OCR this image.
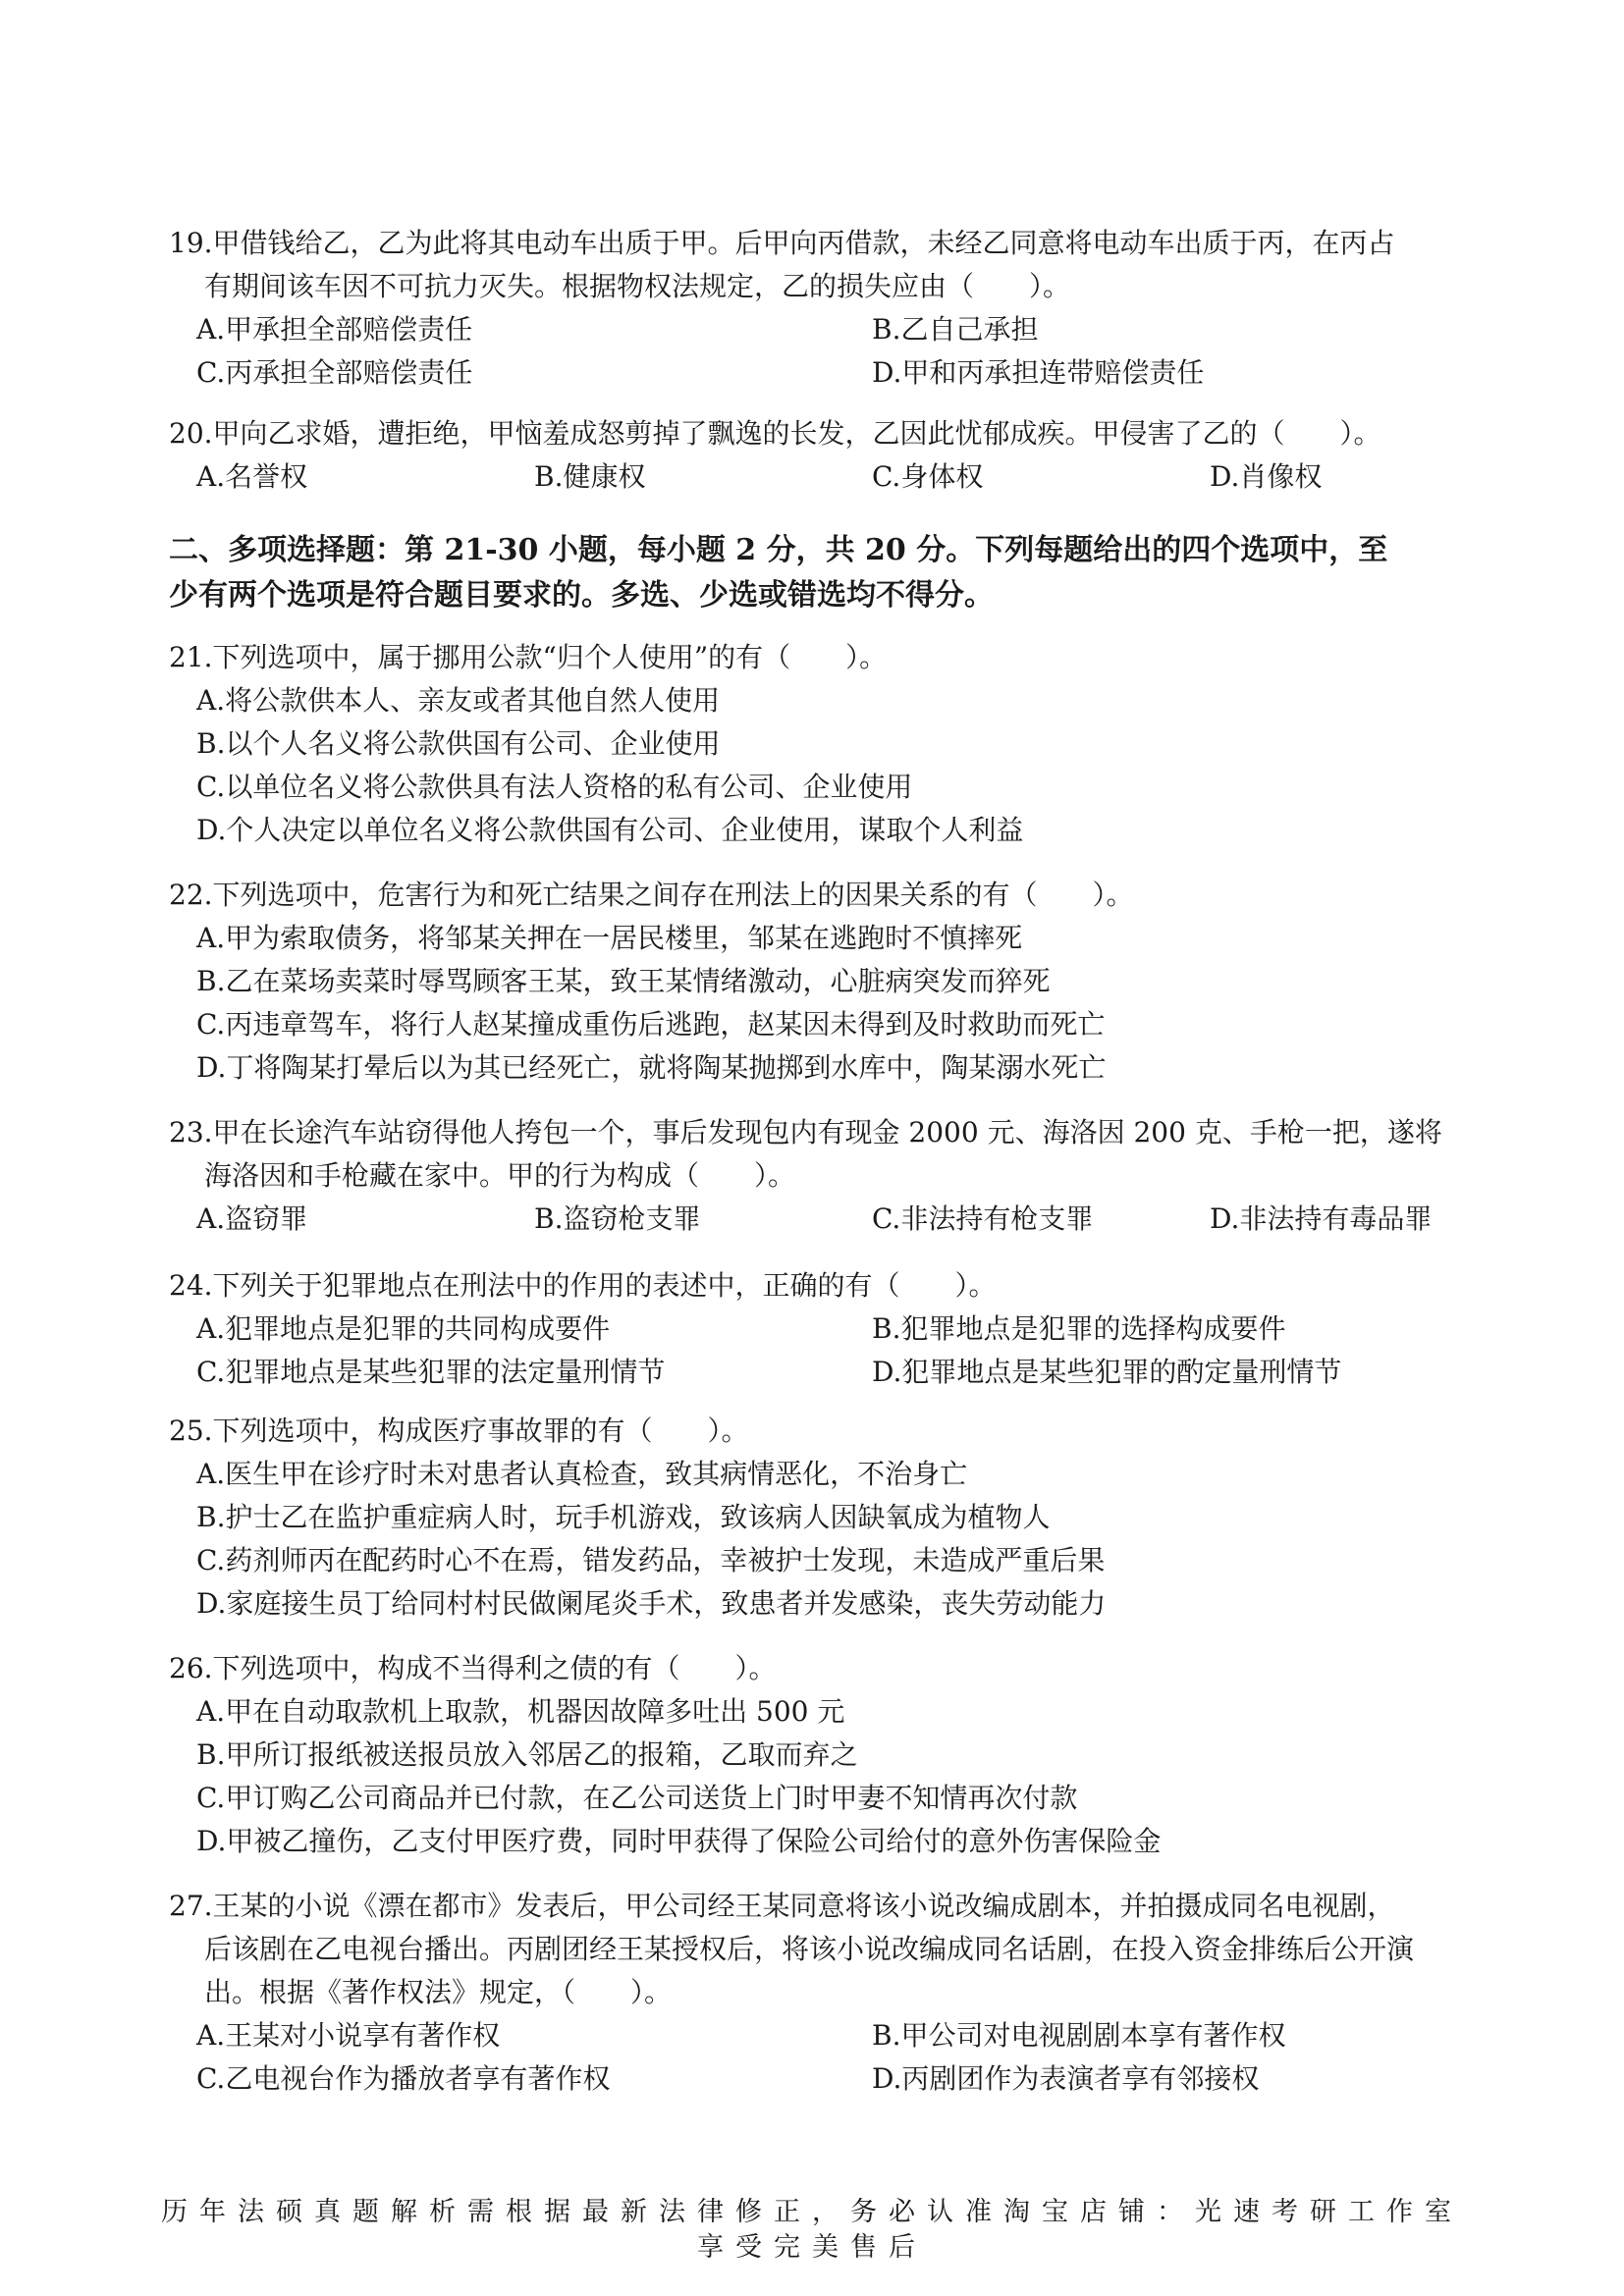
19.甲借钱给乙，乙为此将其电动车出质于甲。后甲向丙借款，未经乙同意将电动车出质于丙，在丙占
有期间该车因不可抗力灭失。根据物权法规定，乙的损失应由（　　）。
A.甲承担全部赔偿责任	B.乙自己承担
C.丙承担全部赔偿责任	D.甲和丙承担连带赔偿责任
20.甲向乙求婚，遭拒绝，甲恼羞成怒剪掉了飘逸的长发，乙因此忧郁成疾。甲侵害了乙的（　　）。
A.名誉权	B.健康权	C.身体权	D.肖像权
二、多项选择题：第 21-30 小题，每小题 2 分，共 20 分。下列每题给出的四个选项中，至
少有两个选项是符合题目要求的。多选、少选或错选均不得分。
21.下列选项中，属于挪用公款“归个人使用”的有（　　）。
A.将公款供本人、亲友或者其他自然人使用
B.以个人名义将公款供国有公司、企业使用
C.以单位名义将公款供具有法人资格的私有公司、企业使用
D.个人决定以单位名义将公款供国有公司、企业使用，谋取个人利益
22.下列选项中，危害行为和死亡结果之间存在刑法上的因果关系的有（　　）。
A.甲为索取债务，将邹某关押在一居民楼里，邹某在逃跑时不慎摔死
B.乙在菜场卖菜时辱骂顾客王某，致王某情绪激动，心脏病突发而猝死
C.丙违章驾车，将行人赵某撞成重伤后逃跑，赵某因未得到及时救助而死亡
D.丁将陶某打晕后以为其已经死亡，就将陶某抛掷到水库中，陶某溺水死亡
23.甲在长途汽车站窃得他人挎包一个，事后发现包内有现金 2000 元、海洛因 200 克、手枪一把，遂将
海洛因和手枪藏在家中。甲的行为构成（　　）。
A.盗窃罪	B.盗窃枪支罪	C.非法持有枪支罪	D.非法持有毒品罪
24.下列关于犯罪地点在刑法中的作用的表述中，正确的有（　　）。
A.犯罪地点是犯罪的共同构成要件	B.犯罪地点是犯罪的选择构成要件
C.犯罪地点是某些犯罪的法定量刑情节	D.犯罪地点是某些犯罪的酌定量刑情节
25.下列选项中，构成医疗事故罪的有（　　）。
A.医生甲在诊疗时未对患者认真检查，致其病情恶化，不治身亡
B.护士乙在监护重症病人时，玩手机游戏，致该病人因缺氧成为植物人
C.药剂师丙在配药时心不在焉，错发药品，幸被护士发现，未造成严重后果
D.家庭接生员丁给同村村民做阑尾炎手术，致患者并发感染，丧失劳动能力
26.下列选项中，构成不当得利之债的有（　　）。
A.甲在自动取款机上取款，机器因故障多吐出 500 元
B.甲所订报纸被送报员放入邻居乙的报箱，乙取而弃之
C.甲订购乙公司商品并已付款，在乙公司送货上门时甲妻不知情再次付款
D.甲被乙撞伤，乙支付甲医疗费，同时甲获得了保险公司给付的意外伤害保险金
27.王某的小说《漂在都市》发表后，甲公司经王某同意将该小说改编成剧本，并拍摄成同名电视剧，
后该剧在乙电视台播出。丙剧团经王某授权后，将该小说改编成同名话剧，在投入资金排练后公开演
出。根据《著作权法》规定，（　　）。
A.王某对小说享有著作权	B.甲公司对电视剧剧本享有著作权
C.乙电视台作为播放者享有著作权	D.丙剧团作为表演者享有邻接权
历年法硕真题解析需根据最新法律修正，务必认准淘宝店铺：光速考研工作室
享受完美售后
